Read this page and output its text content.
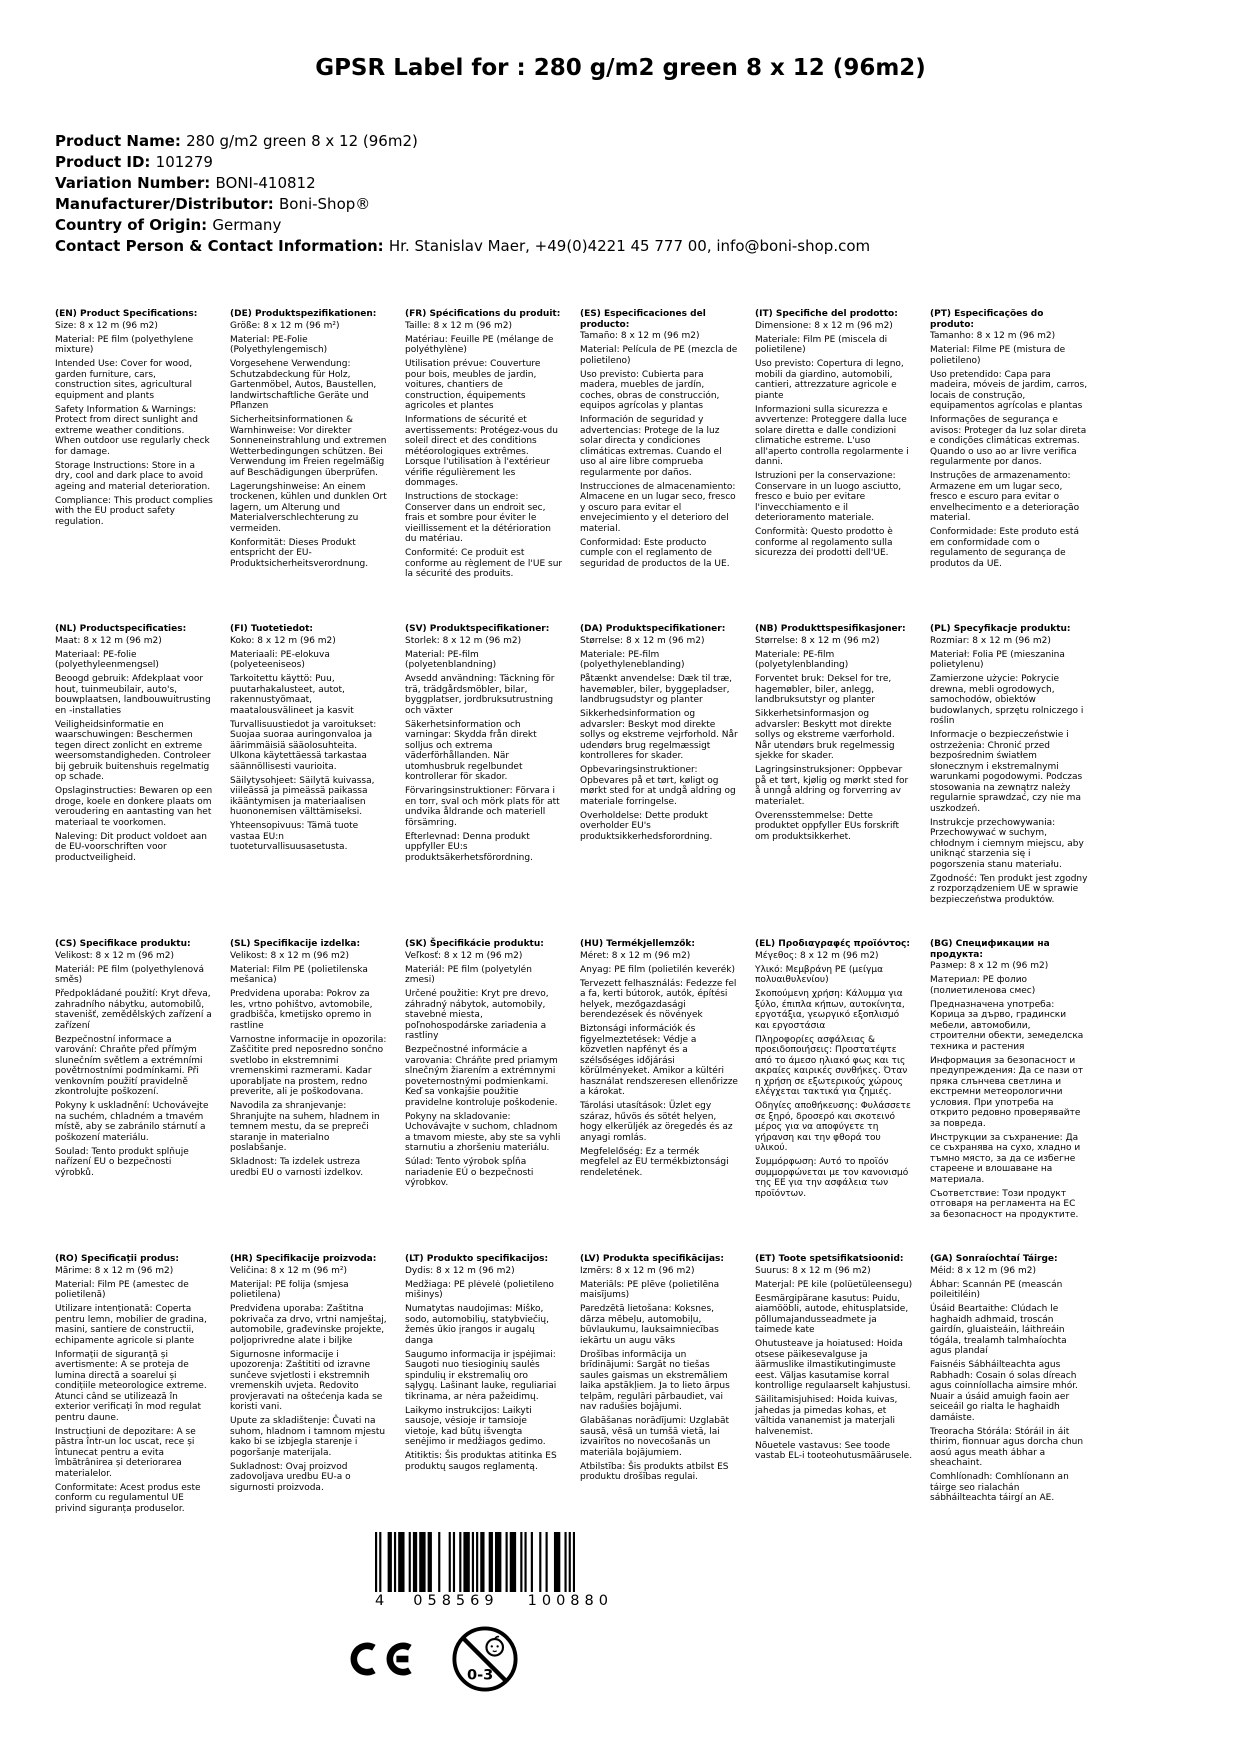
GPSR Label for : 280 g/m2 green 8 x 12 (96m2)
Product Name: 280 g/m2 green 8 x 12 (96m2)
Product ID: 101279
Variation Number: BONI-410812
Manufacturer/Distributor: Boni-Shop®
Country of Origin: Germany
Contact Person & Contact Information: Hr. Stanislav Maer, +49(0)4221 45 777 00, info@boni-shop.com
(EN) Product Specifications:

Size: 8 x 12 m (96 m2)

Material: PE film (polyethylene mixture)

Intended Use: Cover for wood, garden furniture, cars, construction sites, agricultural equipment and plants

Safety Information & Warnings: Protect from direct sunlight and extreme weather conditions. When outdoor use regularly check for damage.

Storage Instructions: Store in a dry, cool and dark place to avoid ageing and material deterioration.

Compliance: This product complies with the EU product safety regulation.

(DE) Produktspezifikationen:

Größe: 8 x 12 m (96 m²)

Material: PE-Folie (Polyethylengemisch)

Vorgesehene Verwendung: Schutzabdeckung für Holz, Gartenmöbel, Autos, Baustellen, landwirtschaftliche Geräte und Pflanzen

Sicherheitsinformationen & Warnhinweise: Vor direkter Sonneneinstrahlung und extremen Wetterbedingungen schützen. Bei Verwendung im Freien regelmäßig auf Beschädigungen überprüfen.

Lagerungshinweise: An einem trockenen, kühlen und dunklen Ort lagern, um Alterung und Materialverschlechterung zu vermeiden.

Konformität: Dieses Produkt entspricht der EU-Produktsicherheitsverordnung.

(FR) Spécifications du produit:

Taille: 8 x 12 m (96 m2)

Matériau: Feuille PE (mélange de polyéthylène)

Utilisation prévue: Couverture pour bois, meubles de jardin, voitures, chantiers de construction, équipements agricoles et plantes

Informations de sécurité et avertissements: Protégez-vous du soleil direct et des conditions météorologiques extrêmes. Lorsque l'utilisation à l'extérieur vérifie régulièrement les dommages.

Instructions de stockage: Conserver dans un endroit sec, frais et sombre pour éviter le vieillissement et la détérioration du matériau.

Conformité: Ce produit est conforme au règlement de l'UE sur la sécurité des produits.

(ES) Especificaciones del producto:

Tamaño: 8 x 12 m (96 m2)

Material: Película de PE (mezcla de polietileno)

Uso previsto: Cubierta para madera, muebles de jardín, coches, obras de construcción, equipos agrícolas y plantas

Información de seguridad y advertencias: Protege de la luz solar directa y condiciones climáticas extremas. Cuando el uso al aire libre comprueba regularmente por daños.

Instrucciones de almacenamiento: Almacene en un lugar seco, fresco y oscuro para evitar el envejecimiento y el deterioro del material.

Conformidad: Este producto cumple con el reglamento de seguridad de productos de la UE.

(IT) Specifiche del prodotto:

Dimensione: 8 x 12 m (96 m2)

Materiale: Film PE (miscela di polietilene)

Uso previsto: Copertura di legno, mobili da giardino, automobili, cantieri, attrezzature agricole e piante

Informazioni sulla sicurezza e avvertenze: Proteggere dalla luce solare diretta e dalle condizioni climatiche estreme. L'uso all'aperto controlla regolarmente i danni.

Istruzioni per la conservazione: Conservare in un luogo asciutto, fresco e buio per evitare l'invecchiamento e il deterioramento materiale.

Conformità: Questo prodotto è conforme al regolamento sulla sicurezza dei prodotti dell'UE.

(PT) Especificações do produto:

Tamanho: 8 x 12 m (96 m2)

Material: Filme PE (mistura de polietileno)

Uso pretendido: Capa para madeira, móveis de jardim, carros, locais de construção, equipamentos agrícolas e plantas

Informações de segurança e avisos: Proteger da luz solar direta e condições climáticas extremas. Quando o uso ao ar livre verifica regularmente por danos.

Instruções de armazenamento: Armazene em um lugar seco, fresco e escuro para evitar o envelhecimento e a deterioração material.

Conformidade: Este produto está em conformidade com o regulamento de segurança de produtos da UE.

(NL) Productspecificaties:

Maat: 8 x 12 m (96 m2)

Materiaal: PE-folie (polyethyleenmengsel)

Beoogd gebruik: Afdekplaat voor hout, tuinmeubilair, auto's, bouwplaatsen, landbouwuitrusting en -installaties

Veiligheidsinformatie en waarschuwingen: Beschermen tegen direct zonlicht en extreme weersomstandigheden. Controleer bij gebruik buitenshuis regelmatig op schade.

Opslaginstructies: Bewaren op een droge, koele en donkere plaats om veroudering en aantasting van het materiaal te voorkomen.

Naleving: Dit product voldoet aan de EU-voorschriften voor productveiligheid.

(FI) Tuotetiedot:

Koko: 8 x 12 m (96 m2)

Materiaali: PE-elokuva (polyeteeniseos)

Tarkoitettu käyttö: Puu, puutarhakalusteet, autot, rakennustyömaat, maatalousvälineet ja kasvit

Turvallisuustiedot ja varoitukset: Suojaa suoraa auringonvaloa ja äärimmäisiä sääolosuhteita. Ulkona käytettäessä tarkastaa säännöllisesti vaurioita.

Säilytysohjeet: Säilytä kuivassa, viileässä ja pimeässä paikassa ikääntymisen ja materiaalisen huononemisen välttämiseksi.

Yhteensopivuus: Tämä tuote vastaa EU:n tuoteturvallisuusasetusta.

(SV) Produktspecifikationer:

Storlek: 8 x 12 m (96 m2)

Material: PE-film (polyetenblandning)

Avsedd användning: Täckning för trä, trädgårdsmöbler, bilar, byggplatser, jordbruksutrustning och växter

Säkerhetsinformation och varningar: Skydda från direkt solljus och extrema väderförhållanden. När utomhusbruk regelbundet kontrollerar för skador.

Förvaringsinstruktioner: Förvara i en torr, sval och mörk plats för att undvika åldrande och materiell försämring.

Efterlevnad: Denna produkt uppfyller EU:s produktsäkerhetsförordning.

(DA) Produktspecifikationer:

Størrelse: 8 x 12 m (96 m2)

Materiale: PE-film (polyethyleneblanding)

Påtænkt anvendelse: Dæk til træ, havemøbler, biler, byggepladser, landbrugsudstyr og planter

Sikkerhedsinformation og advarsler: Beskyt mod direkte sollys og ekstreme vejrforhold. Når udendørs brug regelmæssigt kontrolleres for skader.

Opbevaringsinstruktioner: Opbevares på et tørt, køligt og mørkt sted for at undgå aldring og materiale forringelse.

Overholdelse: Dette produkt overholder EU's produktsikkerhedsforordning.

(NB) Produkttspesifikasjoner:

Størrelse: 8 x 12 m (96 m2)

Materiale: PE-film (polyetylenblanding)

Forventet bruk: Deksel for tre, hagemøbler, biler, anlegg, landbruksutstyr og planter

Sikkerhetsinformasjon og advarsler: Beskytt mot direkte sollys og ekstreme værforhold. Når utendørs bruk regelmessig sjekke for skader.

Lagringsinstruksjoner: Oppbevar på et tørt, kjølig og mørkt sted for å unngå aldring og forverring av materialet.

Overensstemmelse: Dette produktet oppfyller EUs forskrift om produktsikkerhet.

(PL) Specyfikacje produktu:

Rozmiar: 8 x 12 m (96 m2)

Materiał: Folia PE (mieszanina polietylenu)

Zamierzone użycie: Pokrycie drewna, mebli ogrodowych, samochodów, obiektów budowlanych, sprzętu rolniczego i roślin

Informacje o bezpieczeństwie i ostrzeżenia: Chronić przed bezpośrednim światłem słonecznym i ekstremalnymi warunkami pogodowymi. Podczas stosowania na zewnątrz należy regularnie sprawdzać, czy nie ma uszkodzeń.

Instrukcje przechowywania: Przechowywać w suchym, chłodnym i ciemnym miejscu, aby uniknąć starzenia się i pogorszenia stanu materiału.

Zgodność: Ten produkt jest zgodny z rozporządzeniem UE w sprawie bezpieczeństwa produktów.

(CS) Specifikace produktu:

Velikost: 8 x 12 m (96 m2)

Materiál: PE film (polyethylenová směs)

Předpokládané použití: Kryt dřeva, zahradního nábytku, automobilů, stavenišť, zemědělských zařízení a zařízení

Bezpečnostní informace a varování: Chraňte před přímým slunečním světlem a extrémními povětrnostními podmínkami. Při venkovním použití pravidelně zkontrolujte poškození.

Pokyny k uskladnění: Uchovávejte na suchém, chladném a tmavém místě, aby se zabránilo stárnutí a poškození materiálu.

Soulad: Tento produkt splňuje nařízení EU o bezpečnosti výrobků.

(SL) Specifikacije izdelka:

Velikost: 8 x 12 m (96 m2)

Material: Film PE (polietilenska mešanica)

Predvidena uporaba: Pokrov za les, vrtno pohištvo, avtomobile, gradbišča, kmetijsko opremo in rastline

Varnostne informacije in opozorila: Zaščitite pred neposredno sončno svetlobo in ekstremnimi vremenskimi razmerami. Kadar uporabljate na prostem, redno preverite, ali je poškodovana.

Navodila za shranjevanje: Shranjujte na suhem, hladnem in temnem mestu, da se prepreči staranje in materialno poslabšanje.

Skladnost: Ta izdelek ustreza uredbi EU o varnosti izdelkov.

(SK) Špecifikácie produktu:

Veľkosť: 8 x 12 m (96 m2)

Materiál: PE film (polyetylén zmesi)

Určené použitie: Kryt pre drevo, záhradný nábytok, automobily, stavebné miesta, poľnohospodárske zariadenia a rastliny

Bezpečnostné informácie a varovania: Chráňte pred priamym slnečným žiarením a extrémnymi poveternostnými podmienkami. Keď sa vonkajšie použitie pravidelne kontroluje poškodenie.

Pokyny na skladovanie: Uchovávajte v suchom, chladnom a tmavom mieste, aby ste sa vyhli starnutiu a zhoršeniu materiálu.

Súlad: Tento výrobok spĺňa nariadenie EÚ o bezpečnosti výrobkov.

(HU) Termékjellemzők:

Méret: 8 x 12 m (96 m2)

Anyag: PE film (polietilén keverék)

Tervezett felhasználás: Fedezze fel a fa, kerti bútorok, autók, építési helyek, mezőgazdasági berendezések és növények

Biztonsági információk és figyelmeztetések: Védje a közvetlen napfényt és a szélsőséges időjárási körülményeket. Amikor a kültéri használat rendszeresen ellenőrizze a károkat.

Tárolási utasítások: Üzlet egy száraz, hűvös és sötét helyen, hogy elkerüljék az öregedés és az anyagi romlás.

Megfelelőség: Ez a termék megfelel az EU termékbiztonsági rendeletének.

(EL) Προδιαγραφές προϊόντος:

Μέγεθος: 8 x 12 m (96 m2)

Υλικό: Μεμβράνη PE (μείγμα πολυαιθυλενίου)

Σκοπούμενη χρήση: Κάλυμμα για ξύλο, έπιπλα κήπων, αυτοκίνητα, εργοτάξια, γεωργικό εξοπλισμό και εργοστάσια

Πληροφορίες ασφάλειας & προειδοποιήσεις: Προστατέψτε από το άμεσο ηλιακό φως και τις ακραίες καιρικές συνθήκες. Όταν η χρήση σε εξωτερικούς χώρους ελέγχεται τακτικά για ζημιές.

Οδηγίες αποθήκευσης: Φυλάσσετε σε ξηρό, δροσερό και σκοτεινό μέρος για να αποφύγετε τη γήρανση και την φθορά του υλικού.

Συμμόρφωση: Αυτό το προϊόν συμμορφώνεται με τον κανονισμό της ΕΕ για την ασφάλεια των προϊόντων.

(BG) Спецификации на продукта:

Размер: 8 x 12 m (96 m2)

Материал: PE фолио (полиетиленова смес)

Предназначена употреба: Корица за дърво, градински мебели, автомобили, строителни обекти, земеделска техника и растения

Информация за безопасност и предупреждения: Да се пази от пряка слънчева светлина и екстремни метеорологични условия. При употреба на открито редовно проверявайте за повреда.

Инструкции за съхранение: Да се съхранява на сухо, хладно и тъмно място, за да се избегне стареене и влошаване на материала.

Съответствие: Този продукт отговаря на регламента на ЕС за безопасност на продуктите.

(RO) Specificații produs:

Mărime: 8 x 12 m (96 m2)

Material: Film PE (amestec de polietilenă)

Utilizare intenționată: Coperta pentru lemn, mobilier de gradina, masini, santiere de constructii, echipamente agricole si plante

Informații de siguranță și avertismente: A se proteja de lumina directă a soarelui și condițiile meteorologice extreme. Atunci când se utilizează în exterior verificați în mod regulat pentru daune.

Instrucțiuni de depozitare: A se păstra într-un loc uscat, rece și întunecat pentru a evita îmbătrânirea și deteriorarea materialelor.

Conformitate: Acest produs este conform cu regulamentul UE privind siguranța produselor.

(HR) Specifikacije proizvoda:

Veličina: 8 x 12 m (96 m²)

Materijal: PE folija (smjesa polietilena)

Predviđena uporaba: Zaštitna pokrivača za drvo, vrtni namještaj, automobile, građevinske projekte, poljoprivredne alate i biljke

Sigurnosne informacije i upozorenja: Zaštititi od izravne sunčeve svjetlosti i ekstremnih vremenskih uvjeta. Redovito provjeravati na oštećenja kada se koristi vani.

Upute za skladištenje: Čuvati na suhom, hladnom i tamnom mjestu kako bi se izbjegla starenje i pogoršanje materijala.

Sukladnost: Ovaj proizvod zadovoljava uredbu EU-a o sigurnosti proizvoda.

(LT) Produkto specifikacijos:

Dydis: 8 x 12 m (96 m2)

Medžiaga: PE plėvelė (polietileno mišinys)

Numatytas naudojimas: Miško, sodo, automobilių, statybviečių, žemės ūkio įrangos ir augalų danga

Saugumo informacija ir įspėjimai: Saugoti nuo tiesioginių saulės spindulių ir ekstremalių oro sąlygų. Lašinant lauke, reguliariai tikrinama, ar nėra pažeidimų.

Laikymo instrukcijos: Laikyti sausoje, vėsioje ir tamsioje vietoje, kad būtų išvengta senėjimo ir medžiagos gedimo.

Atitiktis: Šis produktas atitinka ES produktų saugos reglamentą.

(LV) Produkta specifikācijas:

Izmērs: 8 x 12 m (96 m2)

Materiāls: PE plēve (polietilēna maisījums)

Paredzētā lietošana: Koksnes, dārza mēbeļu, automobiļu, būvlaukumu, lauksaimniecības iekārtu un augu vāks

Drošības informācija un brīdinājumi: Sargāt no tiešas saules gaismas un ekstremāliem laika apstākļiem. Ja to lieto ārpus telpām, regulāri pārbaudiet, vai nav radušies bojājumi.

Glabāšanas norādījumi: Uzglabāt sausā, vēsā un tumšā vietā, lai izvairītos no novecošanās un materiāla bojājumiem.

Atbilstība: Šis produkts atbilst ES produktu drošības regulai.

(ET) Toote spetsifikatsioonid:

Suurus: 8 x 12 m (96 m2)

Materjal: PE kile (polüetüleensegu)

Eesmärgipärane kasutus: Puidu, aiamööbli, autode, ehitusplatside, põllumajandusseadmete ja taimede kate

Ohutusteave ja hoiatused: Hoida otsese päikesevalguse ja äärmuslike ilmastikutingimuste eest. Väljas kasutamise korral kontrollige regulaarselt kahjustusi.

Säilitamisjuhised: Hoida kuivas, jahedas ja pimedas kohas, et vältida vananemist ja materjali halvenemist.

Nõuetele vastavus: See toode vastab EL-i tooteohutusmäärusele.

(GA) Sonraíochtaí Táirge:

Méid: 8 x 12 m (96 m2)

Ábhar: Scannán PE (meascán poileitiléin)

Úsáid Beartaithe: Clúdach le haghaidh adhmaid, troscán gairdín, gluaisteáin, láithreáin tógála, trealamh talmhaíochta agus plandaí

Faisnéis Sábháilteachta agus Rabhadh: Cosain ó solas díreach agus coinníollacha aimsire mhór. Nuair a úsáid amuigh faoin aer seiceáil go rialta le haghaidh damáiste.

Treoracha Stórála: Stóráil in áit thirim, fionnuar agus dorcha chun aosú agus meath ábhar a sheachaint.

Comhlíonadh: Comhlíonann an táirge seo rialachán sábháilteachta táirgí an AE.

4 058569 100880
0-3
